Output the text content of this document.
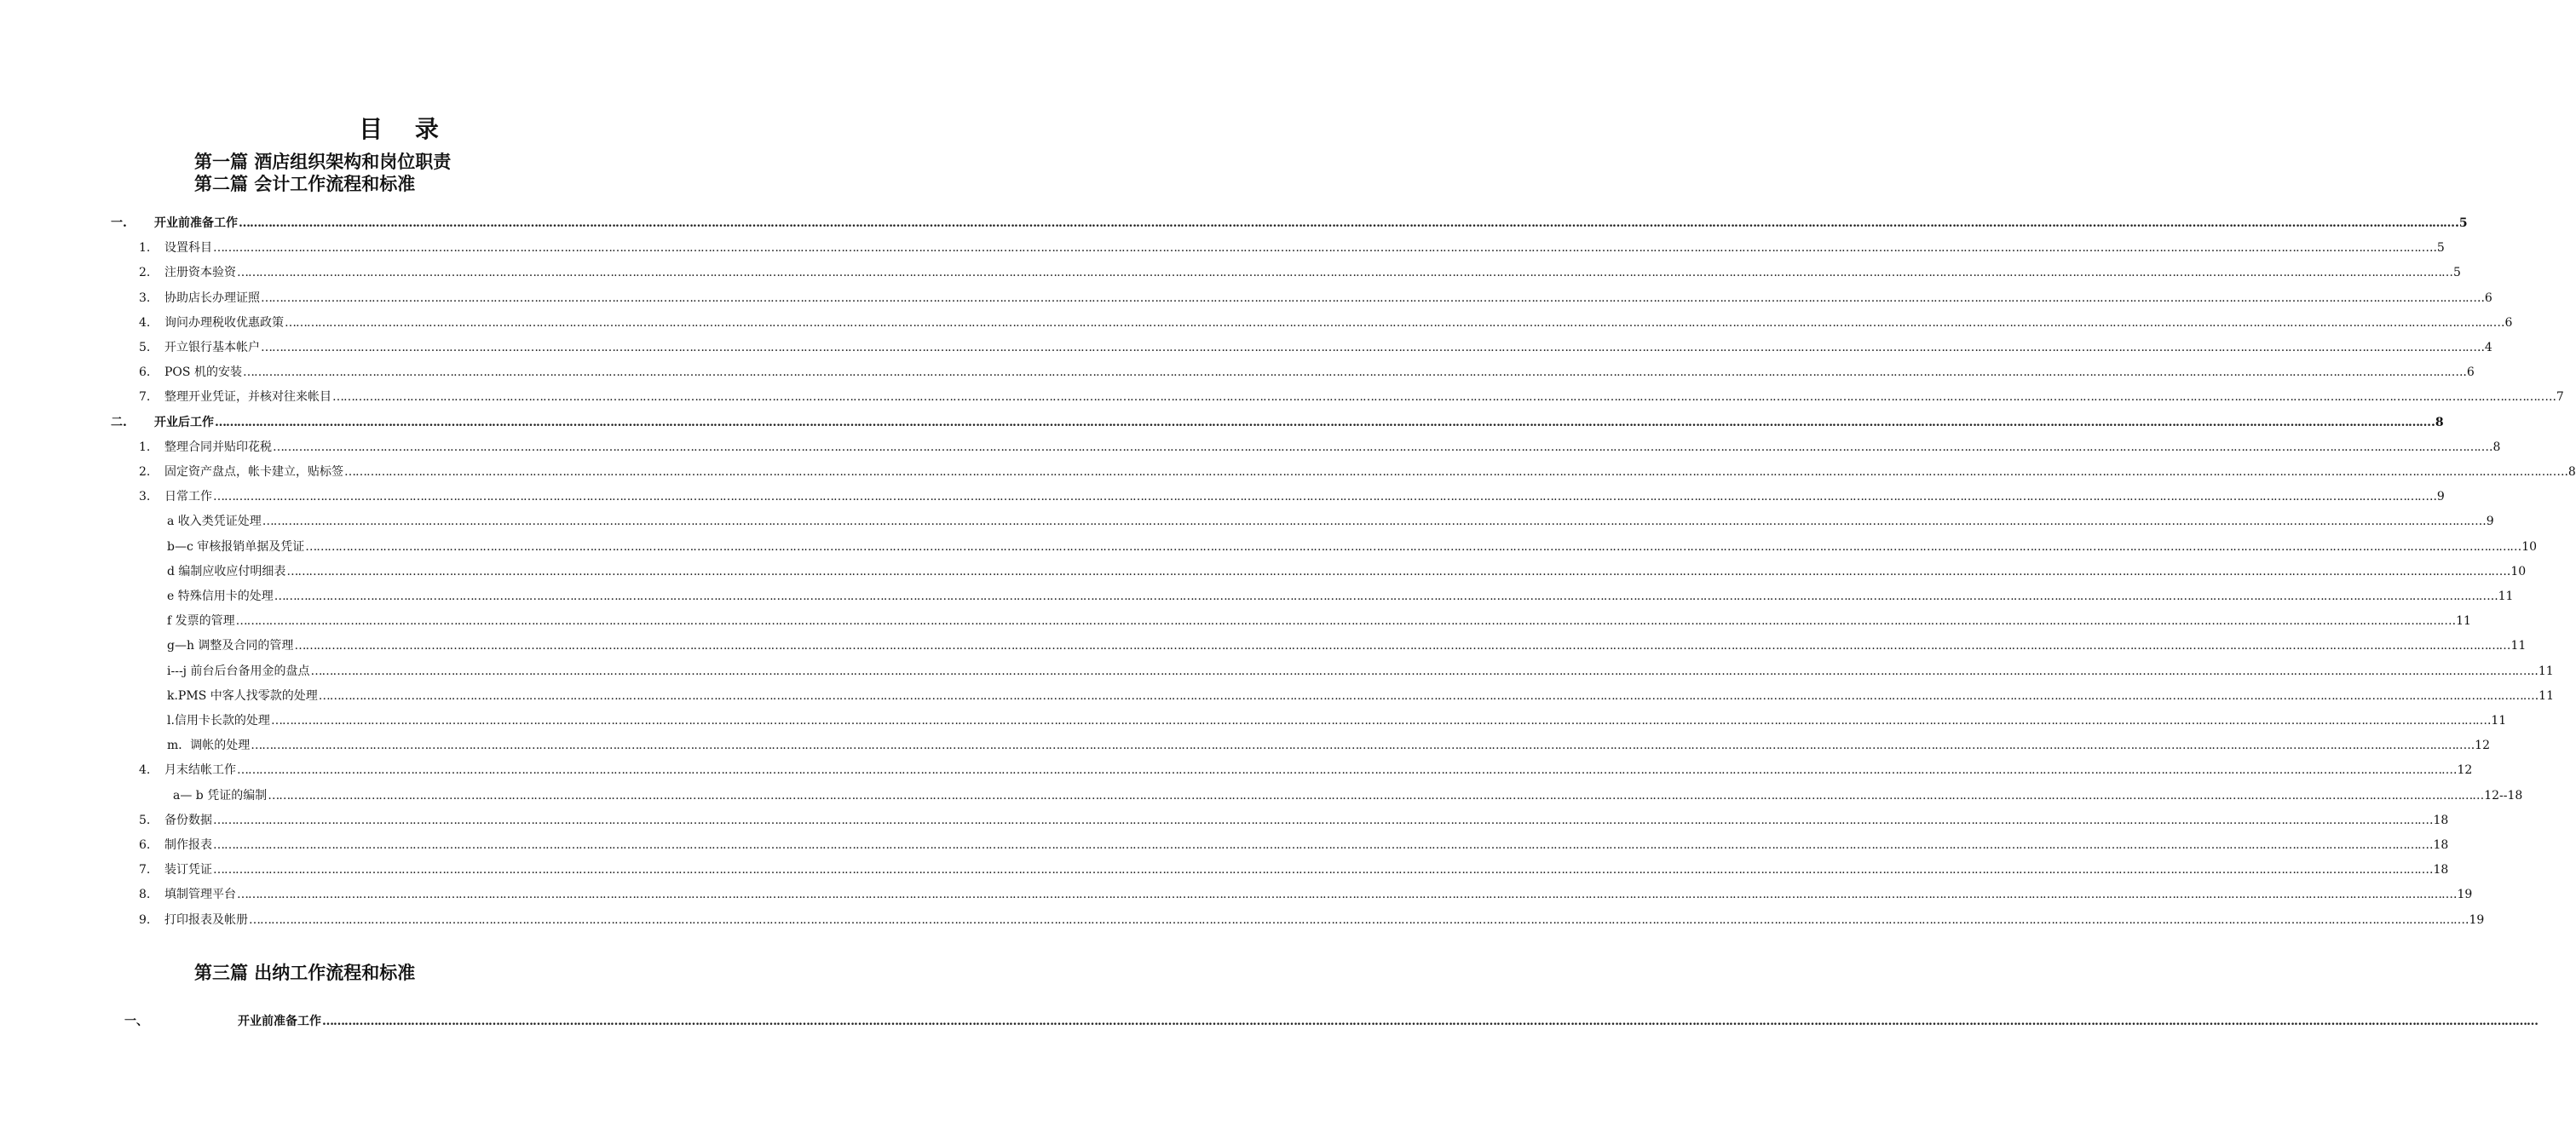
目 录
第一篇 酒店组织架构和岗位职责
第二篇 会计工作流程和标准
一. 开业前准备工作 …………………………………………………………………………………………………………………………………………………………………………………………………………………………………………………………………………………………………………………………………………………………………………………………………………………………………………………………………………………………………………………………………………………… .5
1. 设置科目 …………………………………………………………………………………………………………………………………………………………………………………………………………………………………………………………………………………………………………………………………………………………………………………………………………………………………………………………………………………………………………………………………………………… ..5
2. 注册资本验资 …………………………………………………………………………………………………………………………………………………………………………………………………………………………………………………………………………………………………………………………………………………………………………………………………………………………………………………………………………………………………………………………………………………… 5
3. 协助店长办理证照 …………………………………………………………………………………………………………………………………………………………………………………………………………………………………………………………………………………………………………………………………………………………………………………………………………………………………………………………………………………………………………………………………………………… ..6
4. 询问办理税收优惠政策 …………………………………………………………………………………………………………………………………………………………………………………………………………………………………………………………………………………………………………………………………………………………………………………………………………………………………………………………………………………………………………………………………………………… .6
5. 开立银行基本帐户 …………………………………………………………………………………………………………………………………………………………………………………………………………………………………………………………………………………………………………………………………………………………………………………………………………………………………………………………………………………………………………………………………………………… ..4
6. POS 机的安装 …………………………………………………………………………………………………………………………………………………………………………………………………………………………………………………………………………………………………………………………………………………………………………………………………………………………………………………………………………………………………………………………………………………… ..6
7. 整理开业凭证，并核对往来帐目 …………………………………………………………………………………………………………………………………………………………………………………………………………………………………………………………………………………………………………………………………………………………………………………………………………………………………………………………………………………………………………………………………………………… ..7
二. 开业后工作 …………………………………………………………………………………………………………………………………………………………………………………………………………………………………………………………………………………………………………………………………………………………………………………………………………………………………………………………………………………………………………………………………………………… .8
1. 整理合同并贴印花税 …………………………………………………………………………………………………………………………………………………………………………………………………………………………………………………………………………………………………………………………………………………………………………………………………………………………………………………………………………………………………………………………………………………… .8
2. 固定资产盘点，帐卡建立，贴标签 …………………………………………………………………………………………………………………………………………………………………………………………………………………………………………………………………………………………………………………………………………………………………………………………………………………………………………………………………………………………………………………………………………………… ..8
3. 日常工作 …………………………………………………………………………………………………………………………………………………………………………………………………………………………………………………………………………………………………………………………………………………………………………………………………………………………………………………………………………………………………………………………………………………… ..9
a 收入类凭证处理 …………………………………………………………………………………………………………………………………………………………………………………………………………………………………………………………………………………………………………………………………………………………………………………………………………………………………………………………………………………………………………………………………………………… ..9
b—c 审核报销单据及凭证 …………………………………………………………………………………………………………………………………………………………………………………………………………………………………………………………………………………………………………………………………………………………………………………………………………………………………………………………………………………………………………………………………………………… 10
d 编制应收应付明细表 …………………………………………………………………………………………………………………………………………………………………………………………………………………………………………………………………………………………………………………………………………………………………………………………………………………………………………………………………………………………………………………………………………………… ..10
e 特殊信用卡的处理 …………………………………………………………………………………………………………………………………………………………………………………………………………………………………………………………………………………………………………………………………………………………………………………………………………………………………………………………………………………………………………………………………………………… ..11
f 发票的管理 …………………………………………………………………………………………………………………………………………………………………………………………………………………………………………………………………………………………………………………………………………………………………………………………………………………………………………………………………………………………………………………………………………………… .11
g—h 调整及合同的管理 …………………………………………………………………………………………………………………………………………………………………………………………………………………………………………………………………………………………………………………………………………………………………………………………………………………………………………………………………………………………………………………………………………………… 11
i---j 前台后台备用金的盘点 …………………………………………………………………………………………………………………………………………………………………………………………………………………………………………………………………………………………………………………………………………………………………………………………………………………………………………………………………………………………………………………………………………………… ...11
k.PMS 中客人找零款的处理 …………………………………………………………………………………………………………………………………………………………………………………………………………………………………………………………………………………………………………………………………………………………………………………………………………………………………………………………………………………………………………………………………………………… .11
l.信用卡长款的处理 …………………………………………………………………………………………………………………………………………………………………………………………………………………………………………………………………………………………………………………………………………………………………………………………………………………………………………………………………………………………………………………………………………………… .11
m．调帐的处理 …………………………………………………………………………………………………………………………………………………………………………………………………………………………………………………………………………………………………………………………………………………………………………………………………………………………………………………………………………………………………………………………………………………… ..12
4. 月末结帐工作 …………………………………………………………………………………………………………………………………………………………………………………………………………………………………………………………………………………………………………………………………………………………………………………………………………………………………………………………………………………………………………………………………………………… .12
a— b 凭证的编制 …………………………………………………………………………………………………………………………………………………………………………………………………………………………………………………………………………………………………………………………………………………………………………………………………………………………………………………………………………………………………………………………………………………… 12--18
5. 备份数据 …………………………………………………………………………………………………………………………………………………………………………………………………………………………………………………………………………………………………………………………………………………………………………………………………………………………………………………………………………………………………………………………………………………… .18
6. 制作报表 …………………………………………………………………………………………………………………………………………………………………………………………………………………………………………………………………………………………………………………………………………………………………………………………………………………………………………………………………………………………………………………………………………………… .18
7. 装订凭证 …………………………………………………………………………………………………………………………………………………………………………………………………………………………………………………………………………………………………………………………………………………………………………………………………………………………………………………………………………………………………………………………………………………… .18
8. 填制管理平台 …………………………………………………………………………………………………………………………………………………………………………………………………………………………………………………………………………………………………………………………………………………………………………………………………………………………………………………………………………………………………………………………………………………… .19
9. 打印报表及帐册 …………………………………………………………………………………………………………………………………………………………………………………………………………………………………………………………………………………………………………………………………………………………………………………………………………………………………………………………………………………………………………………………………………………… .19
第三篇 出纳工作流程和标准
一、	开业前准备工作 ……………………………………………………………………………………………………………………………………………………………………………………………………………………………………………………………………………………………………………………………………………………………………………………………………………………………………………………………………………………………………………………………………………………
